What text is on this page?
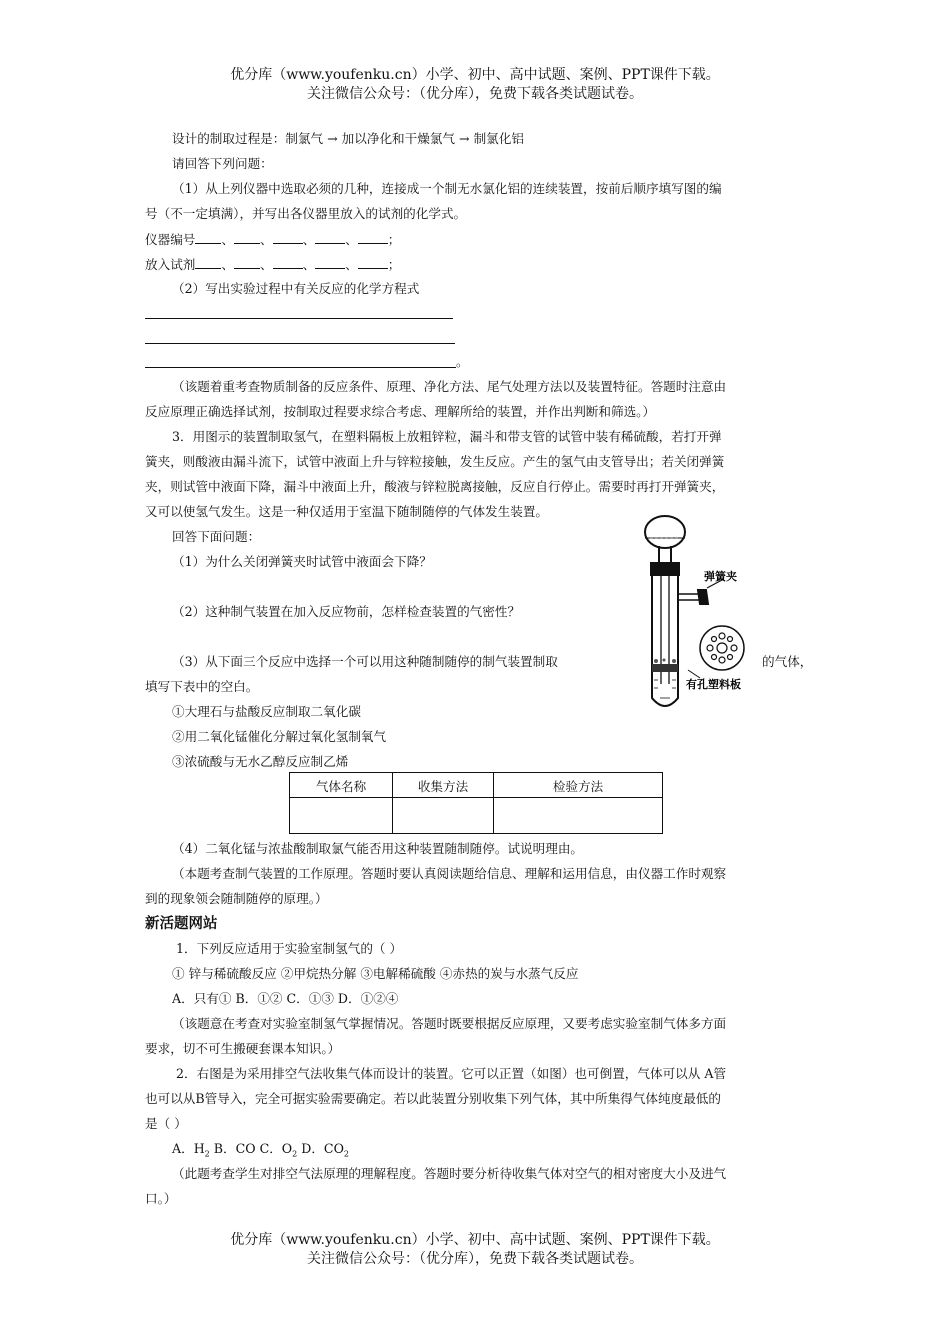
优分库（www.youfenku.cn）小学、初中、高中试题、案例、PPT课件下载。
关注微信公众号：（优分库），免费下载各类试题试卷。
设计的制取过程是：制氯气 → 加以净化和干燥氯气 → 制氯化铝
请回答下列问题：
（1）从上列仪器中选取必须的几种，连接成一个制无水氯化铝的连续装置，按前后顺序填写图的编
号（不一定填满），并写出各仪器里放入的试剂的化学式。
仪器编号 、 、 、 、 ；
放入试剂 、 、 、 、 ；
（2）写出实验过程中有关反应的化学方程式
。
（该题着重考查物质制备的反应条件、原理、净化方法、尾气处理方法以及装置特征。答题时注意由
反应原理正确选择试剂，按制取过程要求综合考虑、理解所给的装置，并作出判断和筛选。）
3．用图示的装置制取氢气，在塑料隔板上放粗锌粒，漏斗和带支管的试管中装有稀硫酸，若打开弹
簧夹，则酸液由漏斗流下，试管中液面上升与锌粒接触，发生反应。产生的氢气由支管导出；若关闭弹簧
夹，则试管中液面下降，漏斗中液面上升，酸液与锌粒脱离接触，反应自行停止。需要时再打开弹簧夹，
又可以使氢气发生。这是一种仅适用于室温下随制随停的气体发生装置。
回答下面问题：
（1）为什么关闭弹簧夹时试管中液面会下降？
（2）这种制气装置在加入反应物前，怎样检查装置的气密性？
（3）从下面三个反应中选择一个可以用这种随制随停的制气装置制取	的气体，
填写下表中的空白。
①大理石与盐酸反应制取二氧化碳
②用二氧化锰催化分解过氧化氢制氧气
③浓硫酸与无水乙醇反应制乙烯
弹簧夹
有孔塑料板
气体名称	收集方法	检验方法

（4）二氧化锰与浓盐酸制取氯气能否用这种装置随制随停。试说明理由。
（本题考查制气装置的工作原理。答题时要认真阅读题给信息、理解和运用信息，由仪器工作时观察
到的现象领会随制随停的原理。）
新活题网站
1．下列反应适用于实验室制氢气的（ ）
① 锌与稀硫酸反应 ②甲烷热分解 ③电解稀硫酸 ④赤热的炭与水蒸气反应
A．只有① B．①② C．①③ D．①②④
（该题意在考查对实验室制氢气掌握情况。答题时既要根据反应原理，又要考虑实验室制气体多方面
要求，切不可生搬硬套课本知识。）
2．右图是为采用排空气法收集气体而设计的装置。它可以正置（如图）也可倒置，气体可以从 A管
也可以从B管导入，完全可据实验需要确定。若以此装置分别收集下列气体，其中所集得气体纯度最低的
是（ ）
A．$H_2$ B．CO C．$O_2$ D．$CO_2$
（此题考查学生对排空气法原理的理解程度。答题时要分析待收集气体对空气的相对密度大小及进气
口。）
优分库（www.youfenku.cn）小学、初中、高中试题、案例、PPT课件下载。
关注微信公众号：（优分库），免费下载各类试题试卷。
